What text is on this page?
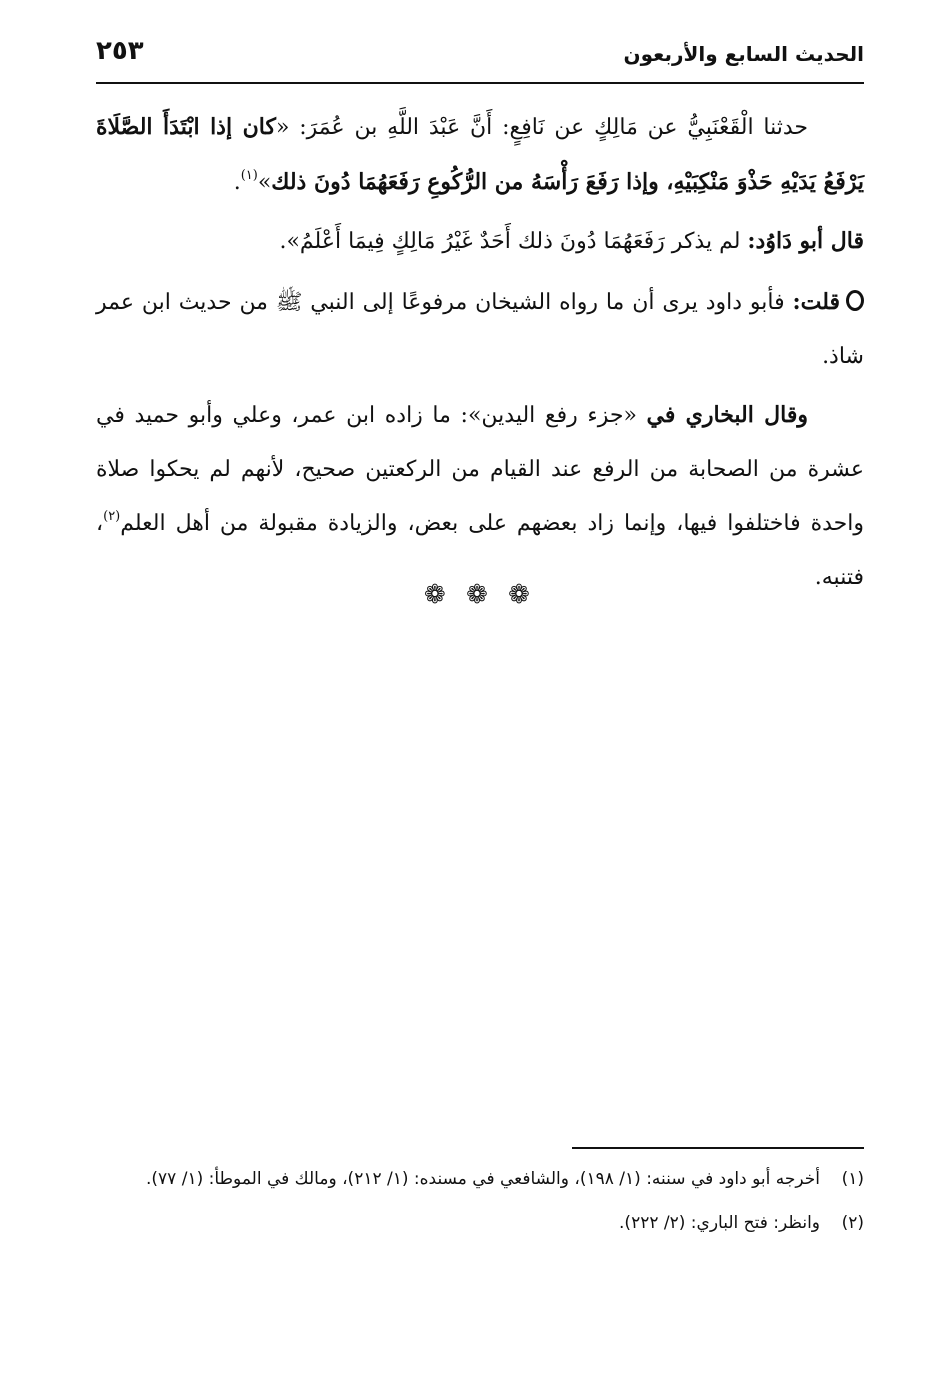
الحديث السابع والأربعون
٢٥٣

حدثنا الْقَعْنَبِيُّ عن مَالِكٍ عن نَافِعٍ: أَنَّ عَبْدَ اللَّهِ بن عُمَرَ: «كان إذا ابْتَدَأَ الصَّلَاةَ يَرْفَعُ يَدَيْهِ حَذْوَ مَنْكِبَيْهِ، وإذا رَفَعَ رَأْسَهُ من الرُّكُوعِ رَفَعَهُمَا دُونَ ذلك»$^{(١)}$.

قال أبو دَاوُد: لم يذكر رَفَعَهُمَا دُونَ ذلك أَحَدٌ غَيْرُ مَالِكٍ فِيمَا أَعْلَمُ».

قلت: فأبو داود يرى أن ما رواه الشيخان مرفوعًا إلى النبي ﷺ من حديث ابن عمر شاذ.

وقال البخاري في «جزء رفع اليدين»: ما زاده ابن عمر، وعلي وأبو حميد في عشرة من الصحابة من الرفع عند القيام من الركعتين صحيح، لأنهم لم يحكوا صلاة واحدة فاختلفوا فيها، وإنما زاد بعضهم على بعض، والزيادة مقبولة من أهل العلم$^{(٢)}$، فتنبه.

❁ ❁ ❁

(١)
أخرجه أبو داود في سننه: (١/ ١٩٨)، والشافعي في مسنده: (١/ ٢١٢)، ومالك في الموطأ: (١/ ٧٧).

(٢)
وانظر: فتح الباري: (٢/ ٢٢٢).
